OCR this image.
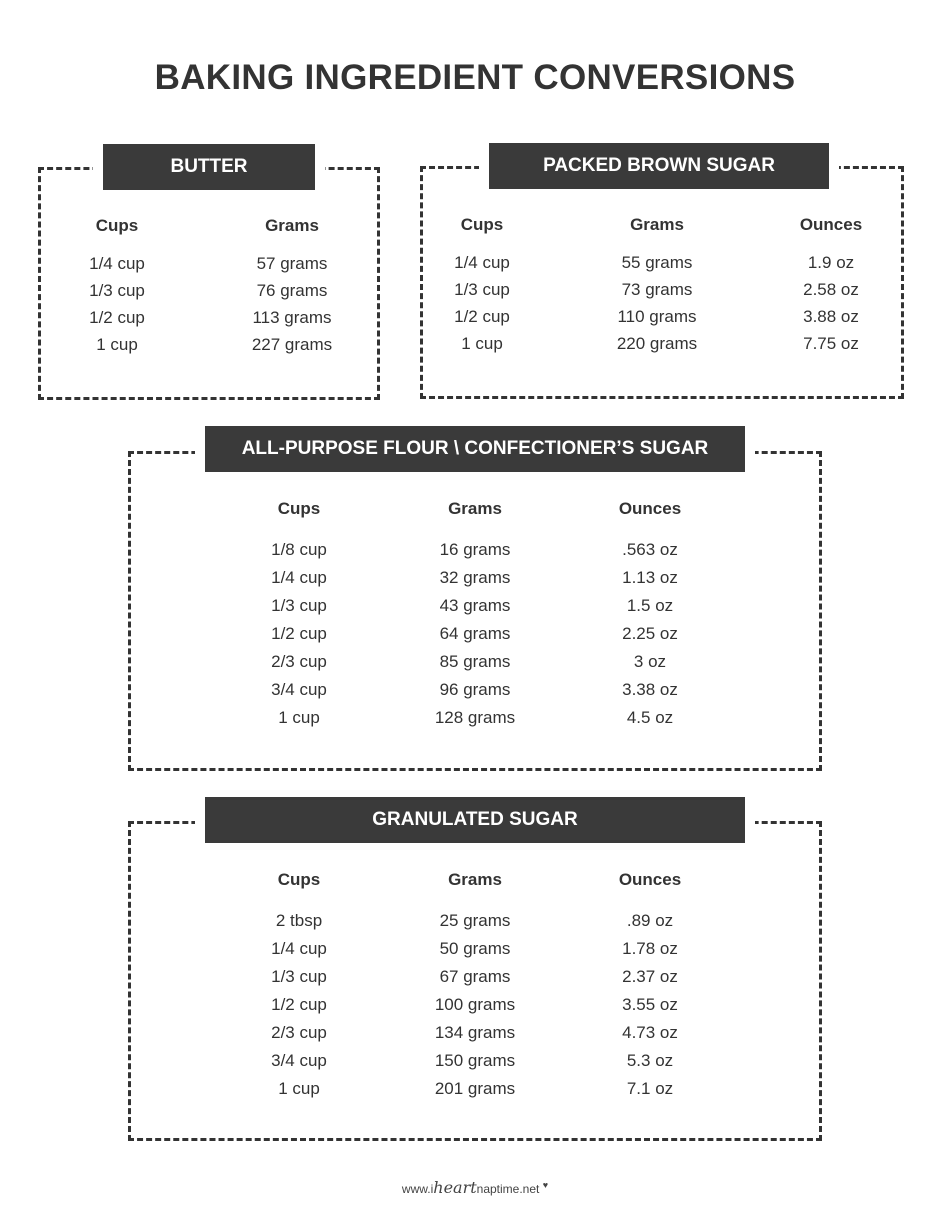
BAKING INGREDIENT CONVERSIONS
BUTTER
Cups
1/4 cup
1/3 cup
1/2 cup
1 cup
Grams
57 grams
76 grams
113 grams
227 grams
PACKED BROWN SUGAR
Cups
1/4 cup
1/3 cup
1/2 cup
1 cup
Grams
55 grams
73 grams
110 grams
220 grams
Ounces
1.9 oz
2.58 oz
3.88 oz
7.75 oz
ALL-PURPOSE FLOUR \ CONFECTIONER’S SUGAR
Cups
1/8 cup
1/4 cup
1/3 cup
1/2 cup
2/3 cup
3/4 cup
1 cup
Grams
16 grams
32 grams
43 grams
64 grams
85 grams
96 grams
128 grams
Ounces
.563 oz
1.13 oz
1.5 oz
2.25 oz
3 oz
3.38 oz
4.5 oz
GRANULATED SUGAR
Cups
2 tbsp
1/4 cup
1/3 cup
1/2 cup
2/3 cup
3/4 cup
1 cup
Grams
25 grams
50 grams
67 grams
100 grams
134 grams
150 grams
201 grams
Ounces
.89 oz
1.78 oz
2.37 oz
3.55 oz
4.73 oz
5.3 oz
7.1 oz
www.iheartnaptime.net ♥
